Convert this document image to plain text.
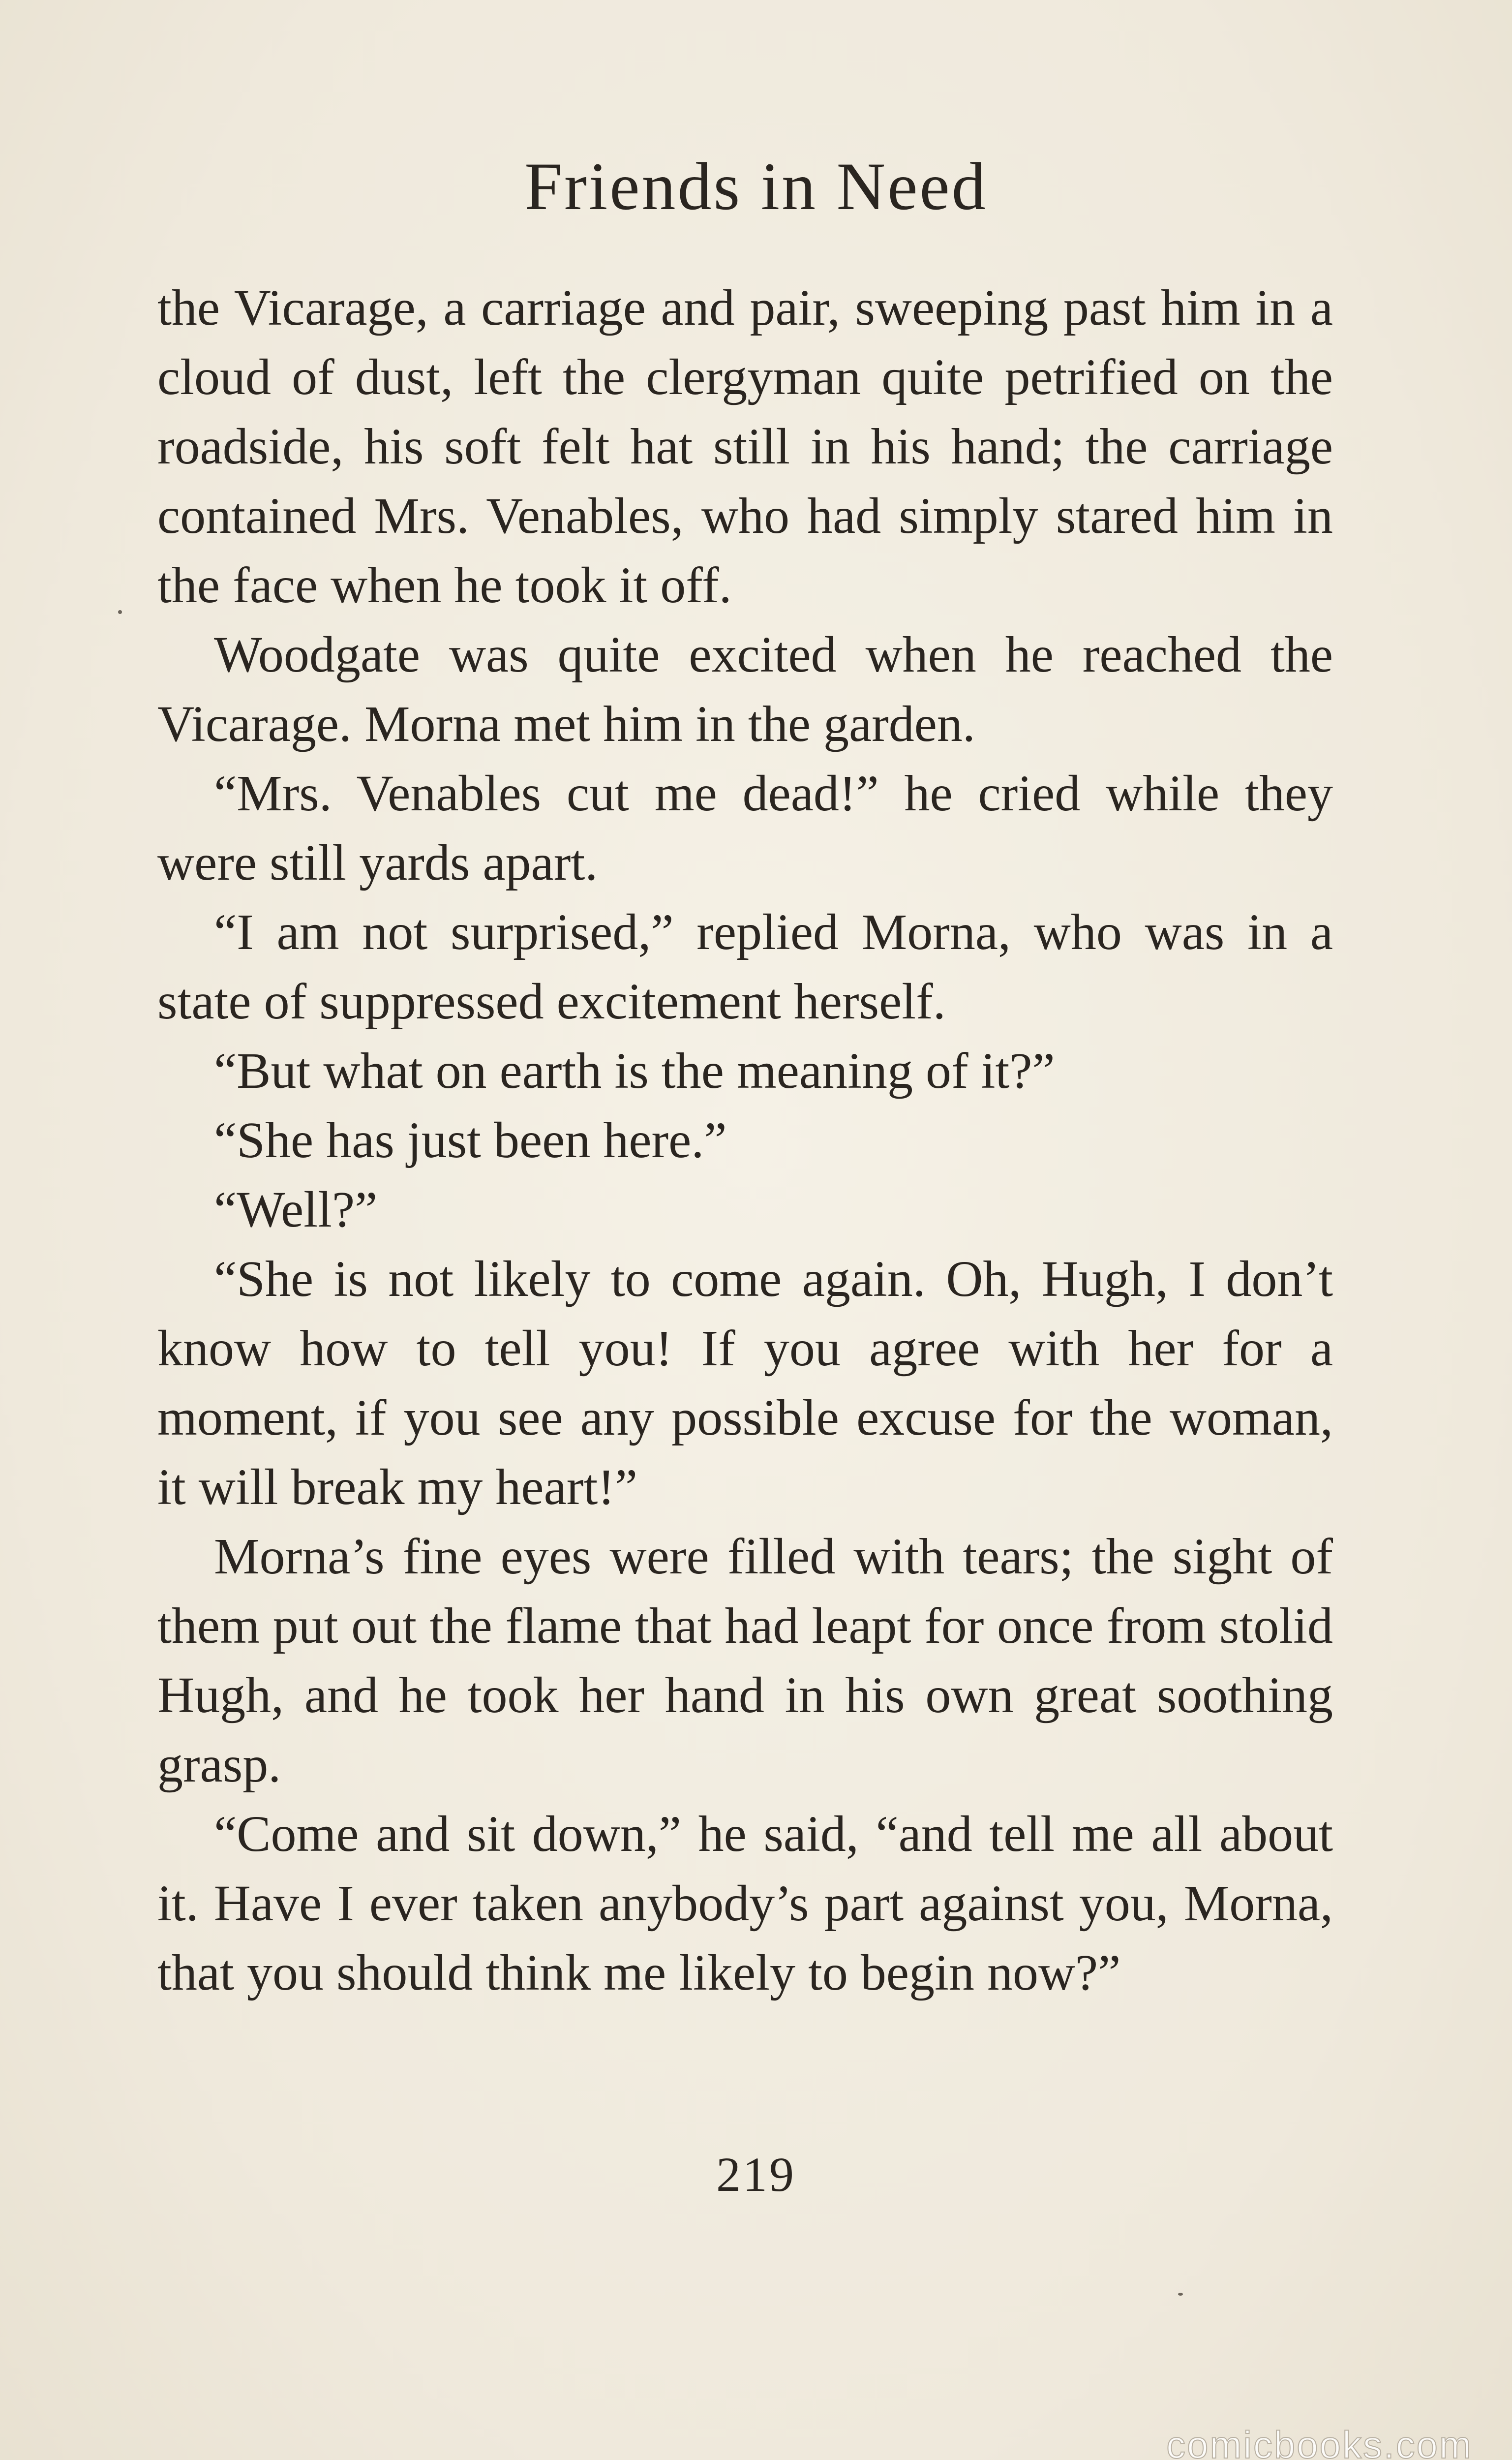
Friends in Need

the Vicarage, a carriage and pair, sweeping past him in a cloud of dust, left the clergyman quite petrified on the roadside, his soft felt hat still in his hand; the carriage contained Mrs. Venables, who had simply stared him in the face when he took it off.

Woodgate was quite excited when he reached the Vicarage. Morna met him in the garden.

“Mrs. Venables cut me dead!” he cried while they were still yards apart.

“I am not surprised,” replied Morna, who was in a state of suppressed excitement herself.

“But what on earth is the meaning of it?”

“She has just been here.”

“Well?”

“She is not likely to come again. Oh, Hugh, I don’t know how to tell you! If you agree with her for a moment, if you see any possible excuse for the woman, it will break my heart!”

Morna’s fine eyes were filled with tears; the sight of them put out the flame that had leapt for once from stolid Hugh, and he took her hand in his own great soothing grasp.

“Come and sit down,” he said, “and tell me all about it. Have I ever taken anybody’s part against you, Morna, that you should think me likely to begin now?”

219
comicbooks.com
